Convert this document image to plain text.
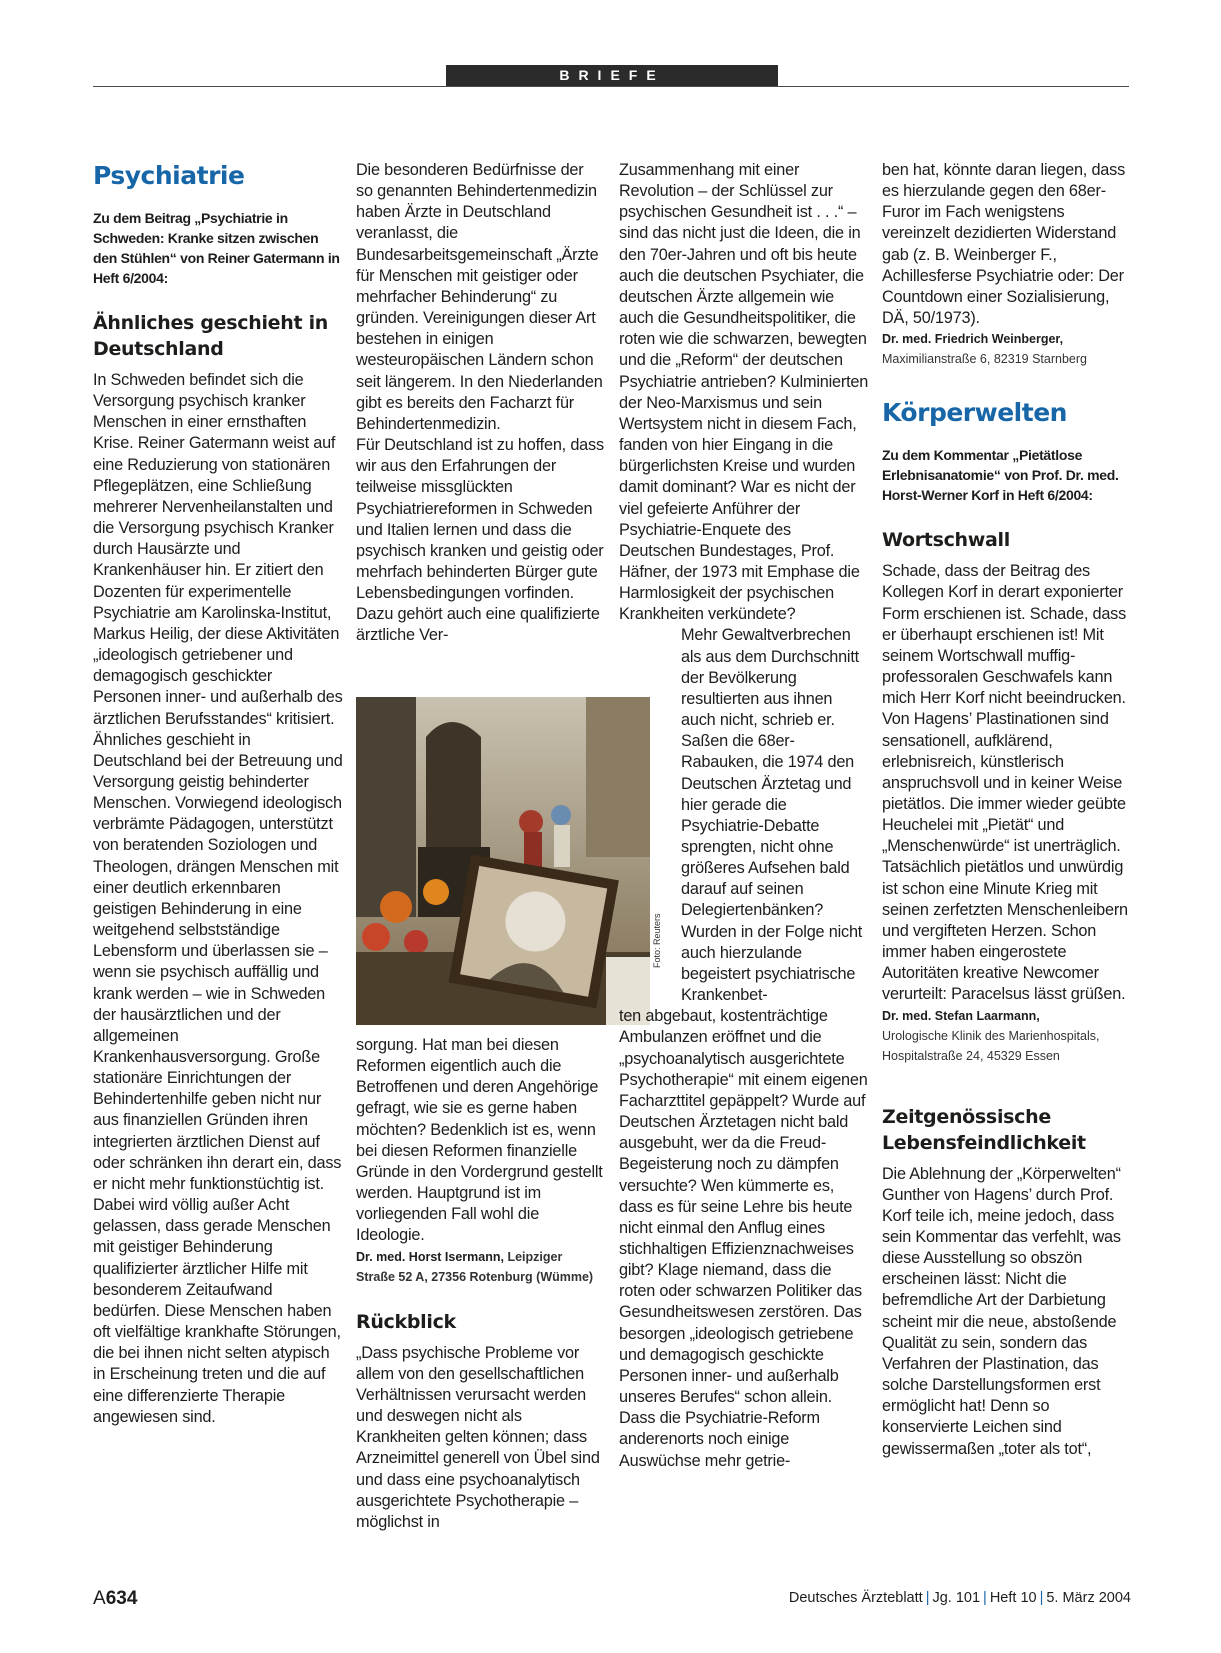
BRIEFE
Psychiatrie

Zu dem Beitrag „Psychiatrie in Schweden: Kranke sitzen zwischen den Stühlen“ von Reiner Gatermann in Heft 6/2004:

Ähnliches geschieht in Deutschland

In Schweden befindet sich die Versorgung psychisch kranker Menschen in einer ernsthaften Krise. Reiner Gatermann weist auf eine Reduzierung von stationären Pflegeplätzen, eine Schließung mehrerer Nervenheilanstalten und die Versorgung psychisch Kranker durch Hausärzte und Krankenhäuser hin. Er zitiert den Dozenten für experimentelle Psychiatrie am Karolinska-Institut, Markus Heilig, der diese Aktivitäten „ideologisch getriebener und demagogisch geschickter Personen inner- und außerhalb des ärztlichen Berufsstandes“ kritisiert.
Ähnliches geschieht in Deutschland bei der Betreuung und Versorgung geistig behinderter Menschen. Vorwiegend ideologisch verbrämte Pädagogen, unterstützt von beratenden Soziologen und Theologen, drängen Menschen mit einer deutlich erkennbaren geistigen Behinderung in eine weitgehend selbstständige Lebensform und überlassen sie – wenn sie psychisch auffällig und krank werden – wie in Schweden der hausärztlichen und der allgemeinen Krankenhausversorgung. Große stationäre Einrichtungen der Behindertenhilfe geben nicht nur aus finanziellen Gründen ihren integrierten ärztlichen Dienst auf oder schränken ihn derart ein, dass er nicht mehr funktionstüchtig ist. Dabei wird völlig außer Acht gelassen, dass gerade Menschen mit geistiger Behinderung qualifizierter ärztlicher Hilfe mit besonderem Zeitaufwand bedürfen. Diese Menschen haben oft vielfältige krankhafte Störungen, die bei ihnen nicht selten atypisch in Erscheinung treten und die auf eine differenzierte Therapie angewiesen sind.

Die besonderen Bedürfnisse der so genannten Behindertenmedizin haben Ärzte in Deutschland veranlasst, die Bundesarbeitsgemeinschaft „Ärzte für Menschen mit geistiger oder mehrfacher Behinderung“ zu gründen. Vereinigungen dieser Art bestehen in einigen westeuropäischen Ländern schon seit längerem. In den Niederlanden gibt es bereits den Facharzt für Behindertenmedizin.
Für Deutschland ist zu hoffen, dass wir aus den Erfahrungen der teilweise missglückten Psychiatriereformen in Schweden und Italien lernen und dass die psychisch kranken und geistig oder mehrfach behinderten Bürger gute Lebensbedingungen vorfinden. Dazu gehört auch eine qualifizierte ärztliche Ver-

Foto: Reuters

sorgung. Hat man bei diesen Reformen eigentlich auch die Betroffenen und deren Angehörige gefragt, wie sie es gerne haben möchten? Bedenklich ist es, wenn bei diesen Reformen finanzielle Gründe in den Vordergrund gestellt werden. Hauptgrund ist im vorliegenden Fall wohl die Ideologie.

Dr. med. Horst Isermann, Leipziger Straße 52 A, 27356 Rotenburg (Wümme)

Rückblick

„Dass psychische Probleme vor allem von den gesellschaftlichen Verhältnissen verursacht werden und deswegen nicht als Krankheiten gelten können; dass Arzneimittel generell von Übel sind und dass eine psychoanalytisch ausgerichtete Psychotherapie – möglichst in

Zusammenhang mit einer Revolution – der Schlüssel zur psychischen Gesundheit ist . . .“ – sind das nicht just die Ideen, die in den 70er-Jahren und oft bis heute auch die deutschen Psychiater, die deutschen Ärzte allgemein wie auch die Gesundheitspolitiker, die roten wie die schwarzen, bewegten und die „Reform“ der deutschen Psychiatrie antrieben? Kulminierten der Neo-Marxismus und sein Wertsystem nicht in diesem Fach, fanden von hier Eingang in die bürgerlichsten Kreise und wurden damit dominant? War es nicht der viel gefeierte Anführer der Psychiatrie-Enquete des Deutschen Bundestages, Prof. Häfner, der 1973 mit Emphase die Harmlosigkeit der psychischen Krankheiten verkündete?

Mehr Gewaltverbrechen als aus dem Durchschnitt der Bevölkerung resultierten aus ihnen auch nicht, schrieb er. Saßen die 68er-Rabauken, die 1974 den Deutschen Ärztetag und hier gerade die Psychiatrie-Debatte sprengten, nicht ohne größeres Aufsehen bald darauf auf seinen Delegiertenbänken? Wurden in der Folge nicht auch hierzulande begeistert psychiatrische Krankenbet-

ten abgebaut, kostenträchtige Ambulanzen eröffnet und die „psychoanalytisch ausgerichtete Psychotherapie“ mit einem eigenen Facharzttitel gepäppelt? Wurde auf Deutschen Ärztetagen nicht bald ausgebuht, wer da die Freud-Begeisterung noch zu dämpfen versuchte? Wen kümmerte es, dass es für seine Lehre bis heute nicht einmal den Anflug eines stichhaltigen Effizienznachweises gibt? Klage niemand, dass die roten oder schwarzen Politiker das Gesundheitswesen zerstören. Das besorgen „ideologisch getriebene und demagogisch geschickte Personen inner- und außerhalb unseres Berufes“ schon allein. Dass die Psychiatrie-Reform anderenorts noch einige Auswüchse mehr getrie-

ben hat, könnte daran liegen, dass es hierzulande gegen den 68er-Furor im Fach wenigstens vereinzelt dezidierten Widerstand gab (z. B. Weinberger F., Achillesferse Psychiatrie oder: Der Countdown einer Sozialisierung, DÄ, 50/1973).

Dr. med. Friedrich Weinberger,

Maximilianstraße 6, 82319 Starnberg

Körperwelten

Zu dem Kommentar „Pietätlose Erlebnisanatomie“ von Prof. Dr. med. Horst-Werner Korf in Heft 6/2004:

Wortschwall

Schade, dass der Beitrag des Kollegen Korf in derart exponierter Form erschienen ist. Schade, dass er überhaupt erschienen ist! Mit seinem Wortschwall muffig-professoralen Geschwafels kann mich Herr Korf nicht beeindrucken. Von Hagens’ Plastinationen sind sensationell, aufklärend, erlebnisreich, künstlerisch anspruchsvoll und in keiner Weise pietätlos. Die immer wieder geübte Heuchelei mit „Pietät“ und „Menschenwürde“ ist unerträglich. Tatsächlich pietätlos und unwürdig ist schon eine Minute Krieg mit seinen zerfetzten Menschenleibern und vergifteten Herzen. Schon immer haben eingerostete Autoritäten kreative Newcomer verurteilt: Paracelsus lässt grüßen.

Dr. med. Stefan Laarmann,

Urologische Klinik des Marienhospitals, Hospitalstraße 24, 45329 Essen

Zeitgenössische Lebensfeindlichkeit

Die Ablehnung der „Körperwelten“ Gunther von Hagens’ durch Prof. Korf teile ich, meine jedoch, dass sein Kommentar das verfehlt, was diese Ausstellung so obszön erscheinen lässt: Nicht die befremdliche Art der Darbietung scheint mir die neue, abstoßende Qualität zu sein, sondern das Verfahren der Plastination, das solche Darstellungsformen erst ermöglicht hat! Denn so konservierte Leichen sind gewissermaßen „toter als tot“,

A634	Deutsches Ärzteblatt | Jg. 101 | Heft 10 | 5. März 2004
